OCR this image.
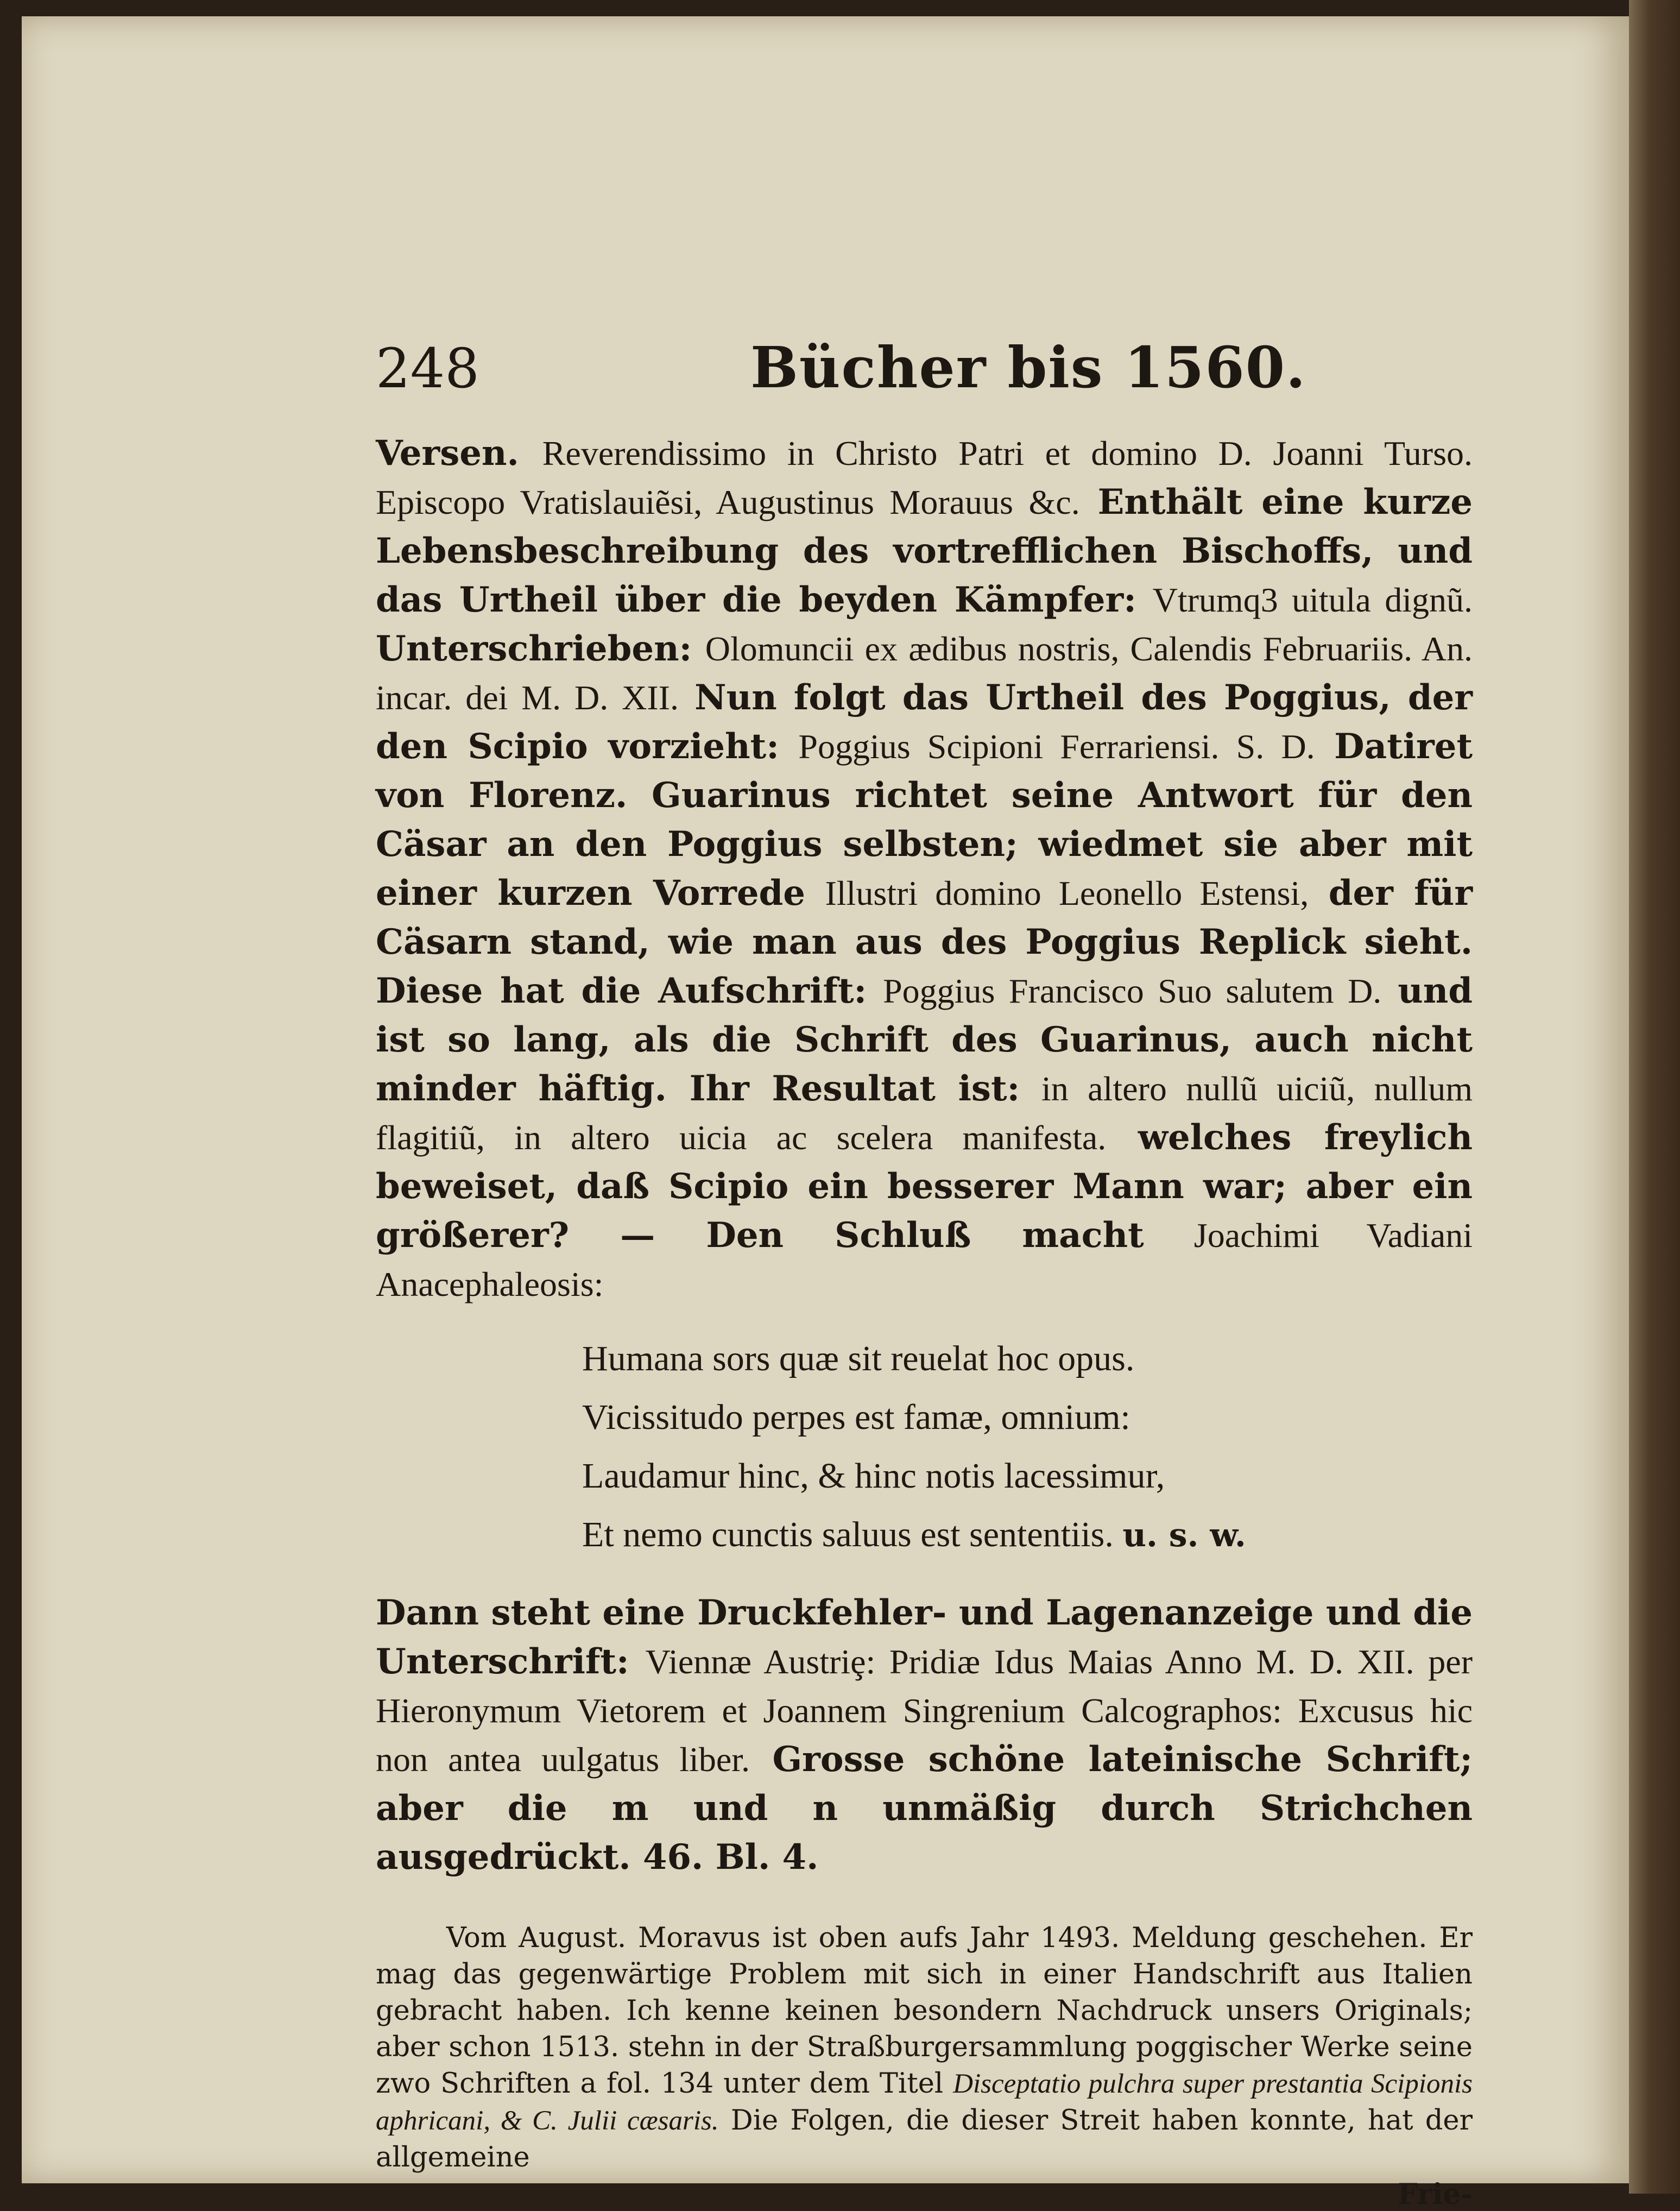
248	Bücher bis 1560.

Versen. Reverendissimo in Christo Patri et domino D. Joanni Turso. Episcopo Vratislauiẽsi, Augustinus Morauus &c. Enthält eine kurze Lebensbeschreibung des vortrefflichen Bischoffs, und das Urtheil über die beyden Kämpfer: Vtrumq3 uitula dignũ. Unterschrieben: Olomuncii ex ædibus nostris, Calendis Februariis. An. incar. dei M. D. XII. Nun folgt das Urtheil des Poggius, der den Scipio vorzieht: Poggius Scipioni Ferrariensi. S. D. Datiret von Florenz. Guarinus richtet seine Antwort für den Cäsar an den Poggius selbsten; wiedmet sie aber mit einer kurzen Vorrede Illustri domino Leonello Estensi, der für Cäsarn stand, wie man aus des Poggius Replick sieht. Diese hat die Aufschrift: Poggius Francisco Suo salutem D. und ist so lang, als die Schrift des Guarinus, auch nicht minder häftig. Ihr Resultat ist: in altero nullũ uiciũ, nullum flagitiũ, in altero uicia ac scelera manifesta. welches freylich beweiset, daß Scipio ein besserer Mann war; aber ein größerer? — Den Schluß macht Joachimi Vadiani Anacephaleosis:

Humana sors quæ sit reuelat hoc opus.
Vicissitudo perpes est famæ, omnium:
Laudamur hinc, & hinc notis lacessimur,
Et nemo cunctis saluus est sententiis. u. s. w.

Dann steht eine Druckfehler- und Lagenanzeige und die Unterschrift: Viennæ Austriȩ: Pridiæ Idus Maias Anno M. D. XII. per Hieronymum Vietorem et Joannem Singrenium Calcographos: Excusus hic non antea uulgatus liber. Grosse schöne lateinische Schrift; aber die m und n unmäßig durch Strichchen ausgedrückt. 46. Bl. 4.

Vom August. Moravus ist oben aufs Jahr 1493. Meldung geschehen. Er mag das gegenwärtige Problem mit sich in einer Handschrift aus Italien gebracht haben. Ich kenne keinen besondern Nachdruck unsers Originals; aber schon 1513. stehn in der Straßburgersammlung poggischer Werke seine zwo Schriften a fol. 134 unter dem Titel Disceptatio pulchra super prestantia Scipionis aphricani, & C. Julii cæsaris. Die Folgen, die dieser Streit haben konnte, hat der allgemeine

Frie-
